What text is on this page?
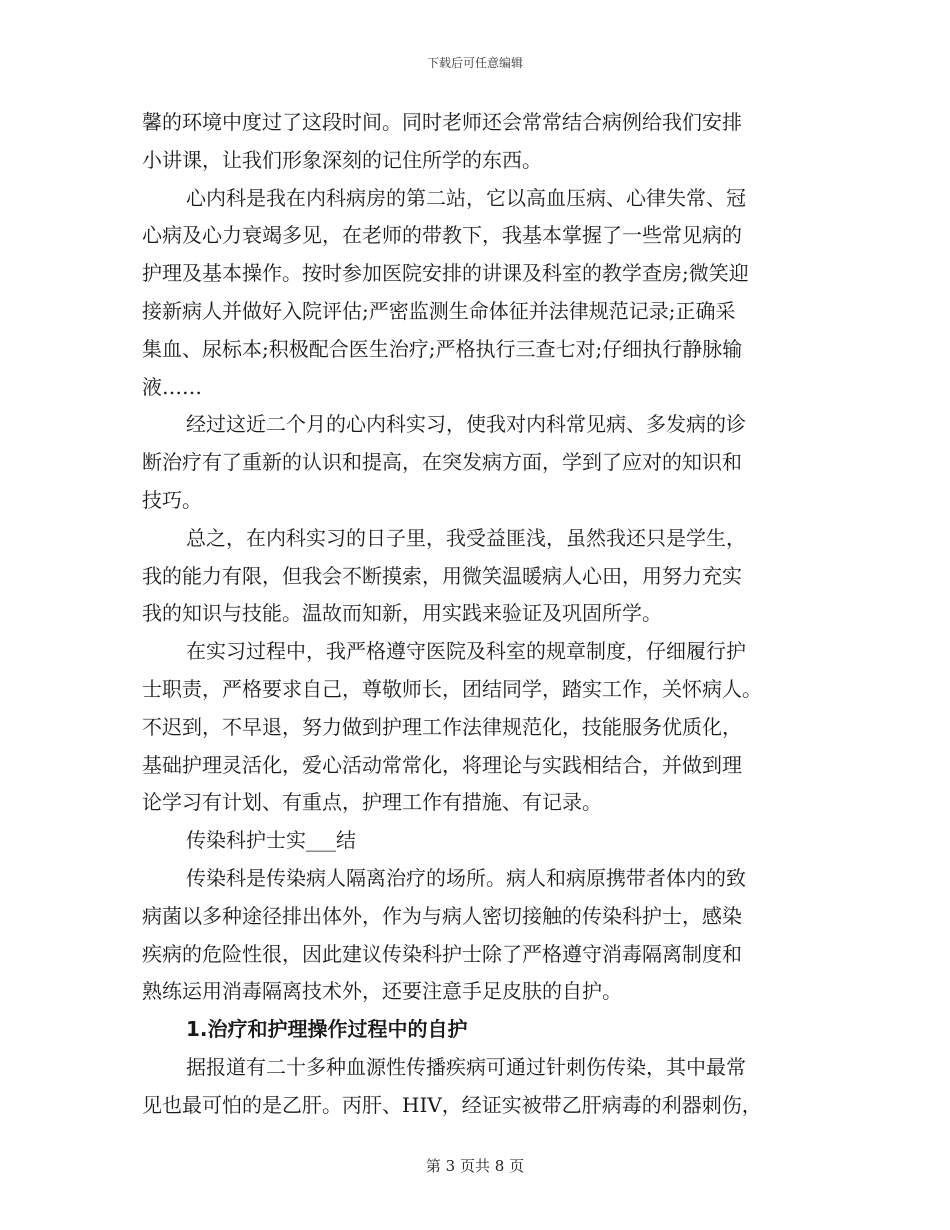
下载后可任意编辑
馨的环境中度过了这段时间。同时老师还会常常结合病例给我们安排
小讲课，让我们形象深刻的记住所学的东西。
心内科是我在内科病房的第二站，它以高血压病、心律失常、冠
心病及心力衰竭多见，在老师的带教下，我基本掌握了一些常见病的
护理及基本操作。按时参加医院安排的讲课及科室的教学查房;微笑迎
接新病人并做好入院评估;严密监测生命体征并法律规范记录;正确采
集血、尿标本;积极配合医生治疗;严格执行三查七对;仔细执行静脉输
液……
经过这近二个月的心内科实习，使我对内科常见病、多发病的诊
断治疗有了重新的认识和提高，在突发病方面，学到了应对的知识和
技巧。
总之，在内科实习的日子里，我受益匪浅，虽然我还只是学生，
我的能力有限，但我会不断摸索，用微笑温暖病人心田，用努力充实
我的知识与技能。温故而知新，用实践来验证及巩固所学。
在实习过程中，我严格遵守医院及科室的规章制度，仔细履行护
士职责，严格要求自己，尊敬师长，团结同学，踏实工作，关怀病人。
不迟到，不早退，努力做到护理工作法律规范化，技能服务优质化，
基础护理灵活化，爱心活动常常化，将理论与实践相结合，并做到理
论学习有计划、有重点，护理工作有措施、有记录。
传染科护士实___结
传染科是传染病人隔离治疗的场所。病人和病原携带者体内的致
病菌以多种途径排出体外，作为与病人密切接触的传染科护士，感染
疾病的危险性很，因此建议传染科护士除了严格遵守消毒隔离制度和
熟练运用消毒隔离技术外，还要注意手足皮肤的自护。
1.治疗和护理操作过程中的自护
据报道有二十多种血源性传播疾病可通过针刺伤传染，其中最常
见也最可怕的是乙肝。丙肝、HIV，经证实被带乙肝病毒的利器刺伤，
第 3 页共 8 页
